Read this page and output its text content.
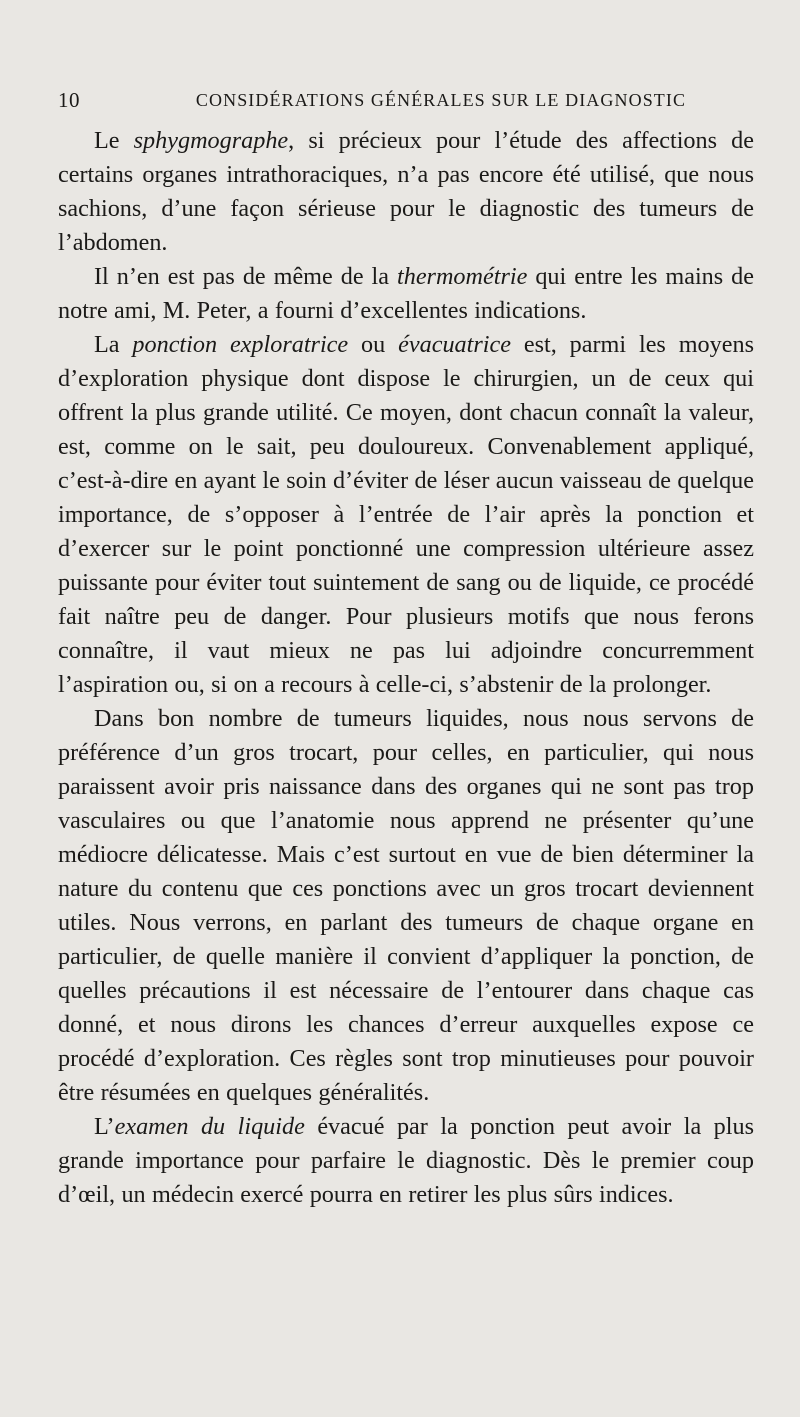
10	CONSIDÉRATIONS GÉNÉRALES SUR LE DIAGNOSTIC

Le sphygmographe, si précieux pour l’étude des affections de certains organes intrathoraciques, n’a pas encore été utilisé, que nous sachions, d’une façon sérieuse pour le diagnostic des tumeurs de l’abdomen.

Il n’en est pas de même de la thermométrie qui entre les mains de notre ami, M. Peter, a fourni d’excellentes indications.

La ponction exploratrice ou évacuatrice est, parmi les moyens d’exploration physique dont dispose le chirurgien, un de ceux qui offrent la plus grande utilité. Ce moyen, dont chacun connaît la valeur, est, comme on le sait, peu douloureux. Convenablement appliqué, c’est-à-dire en ayant le soin d’éviter de léser aucun vaisseau de quelque importance, de s’opposer à l’entrée de l’air après la ponction et d’exercer sur le point ponctionné une compression ultérieure assez puissante pour éviter tout suintement de sang ou de liquide, ce procédé fait naître peu de danger. Pour plusieurs motifs que nous ferons connaître, il vaut mieux ne pas lui adjoindre concurremment l’aspiration ou, si on a recours à celle-ci, s’abstenir de la prolonger.

Dans bon nombre de tumeurs liquides, nous nous servons de préférence d’un gros trocart, pour celles, en particulier, qui nous paraissent avoir pris naissance dans des organes qui ne sont pas trop vasculaires ou que l’anatomie nous apprend ne présenter qu’une médiocre délicatesse. Mais c’est surtout en vue de bien déterminer la nature du contenu que ces ponctions avec un gros trocart deviennent utiles. Nous verrons, en parlant des tumeurs de chaque organe en particulier, de quelle manière il convient d’appliquer la ponction, de quelles précautions il est nécessaire de l’entourer dans chaque cas donné, et nous dirons les chances d’erreur auxquelles expose ce procédé d’exploration. Ces règles sont trop minutieuses pour pouvoir être résumées en quelques généralités.

L’examen du liquide évacué par la ponction peut avoir la plus grande importance pour parfaire le diagnostic. Dès le premier coup d’œil, un médecin exercé pourra en retirer les plus sûrs indices.
